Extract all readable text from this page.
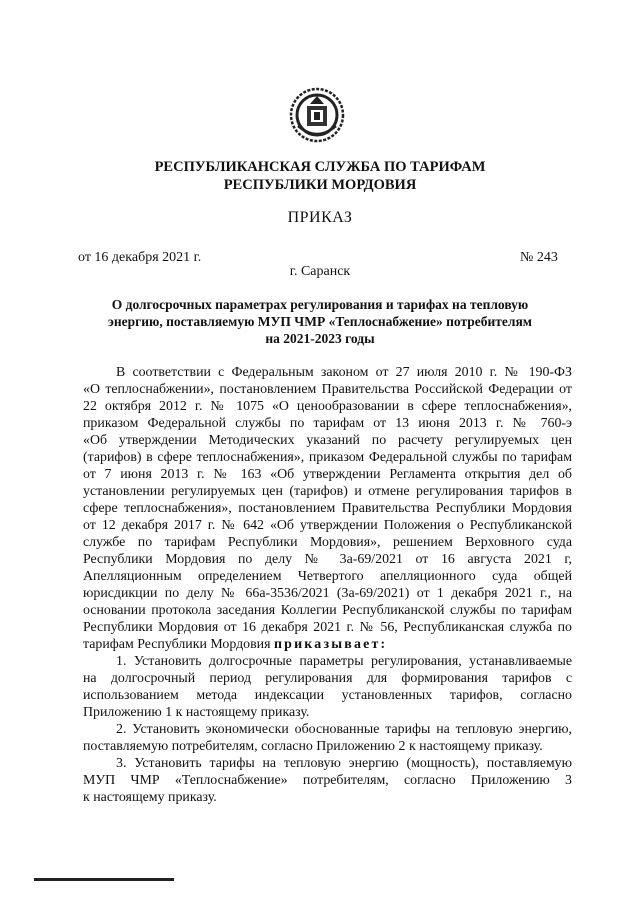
РЕСПУБЛИКАНСКАЯ СЛУЖБА ПО ТАРИФАМ
РЕСПУБЛИКИ МОРДОВИЯ
ПРИКАЗ
от 16 декабря 2021 г.	№ 243
г. Саранск
О долгосрочных параметрах регулирования и тарифах на тепловую
энергию, поставляемую МУП ЧМР «Теплоснабжение» потребителям
на 2021-2023 годы
В соответствии с Федеральным законом от 27 июля 2010 г. № 190-ФЗ
«О теплоснабжении», постановлением Правительства Российской Федерации от
22 октября 2012 г. № 1075 «О ценообразовании в сфере теплоснабжения»,
приказом Федеральной службы по тарифам от 13 июня 2013 г. № 760-э
«Об утверждении Методических указаний по расчету регулируемых цен
(тарифов) в сфере теплоснабжения», приказом Федеральной службы по тарифам
от 7 июня 2013 г. № 163 «Об утверждении Регламента открытия дел об
установлении регулируемых цен (тарифов) и отмене регулирования тарифов в
сфере теплоснабжения», постановлением Правительства Республики Мордовия
от 12 декабря 2017 г. № 642 «Об утверждении Положения о Республиканской
службе по тарифам Республики Мордовия», решением Верховного суда
Республики Мордовия по делу № 3а-69/2021 от 16 августа 2021 г,
Апелляционным определением Четвертого апелляционного суда общей
юрисдикции по делу № 66а-3536/2021 (3а-69/2021) от 1 декабря 2021 г., на
основании протокола заседания Коллегии Республиканской службы по тарифам
Республики Мордовия от 16 декабря 2021 г. № 56, Республиканская служба по
тарифам Республики Мордовия приказывает:
1. Установить долгосрочные параметры регулирования, устанавливаемые
на долгосрочный период регулирования для формирования тарифов с
использованием метода индексации установленных тарифов, согласно
Приложению 1 к настоящему приказу.
2. Установить экономически обоснованные тарифы на тепловую энергию,
поставляемую потребителям, согласно Приложению 2 к настоящему приказу.
3. Установить тарифы на тепловую энергию (мощность), поставляемую
МУП ЧМР «Теплоснабжение» потребителям, согласно Приложению 3
к настоящему приказу.
